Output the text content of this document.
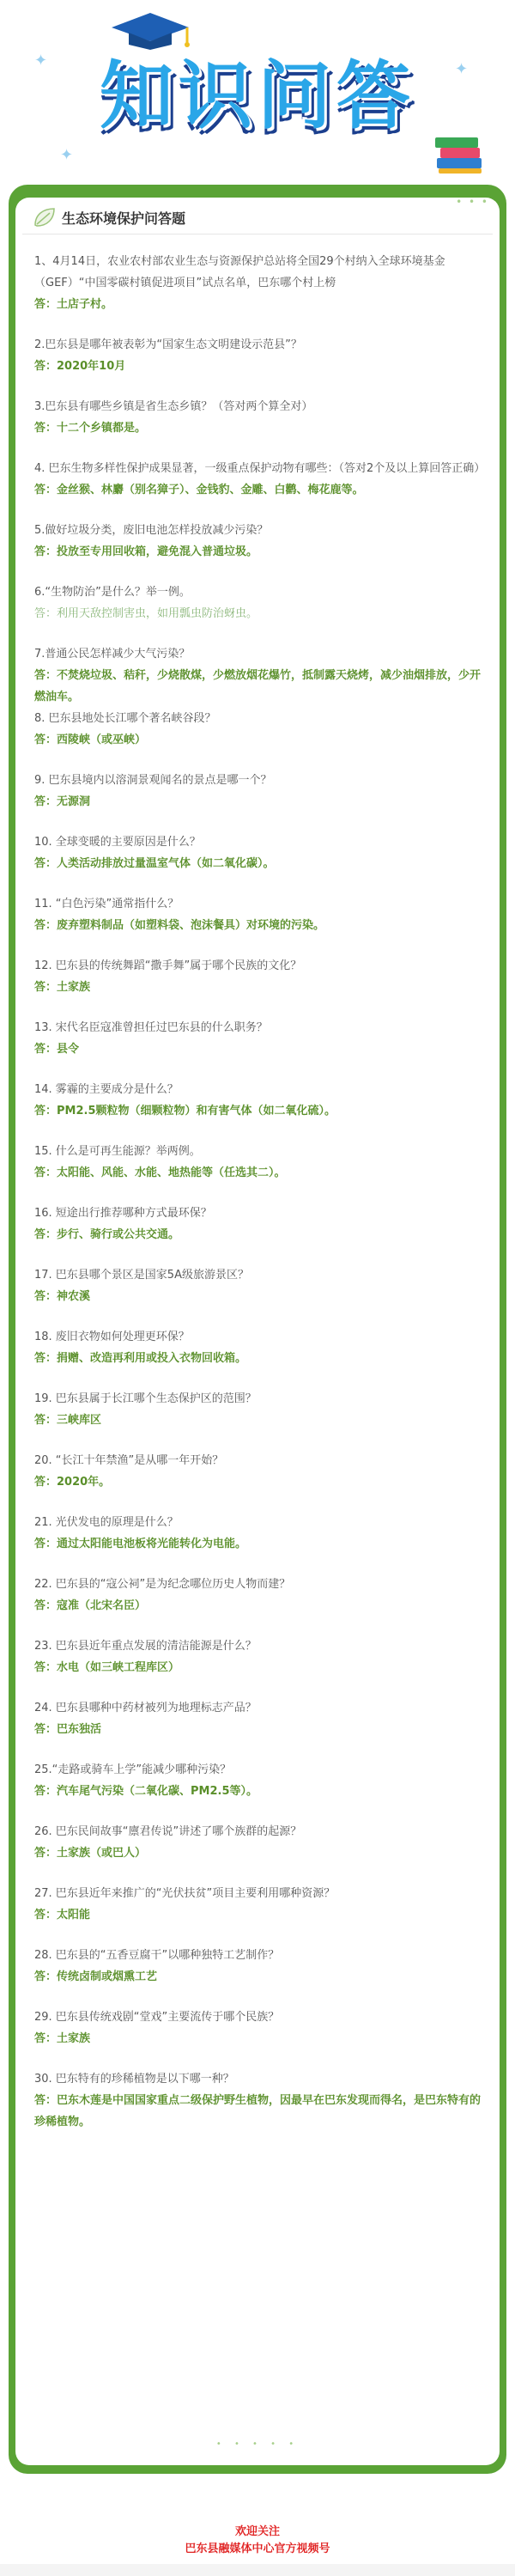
✦	✦
✦
知识问答
生态环境保护问答题
• • •

1、4月14日，农业农村部农业生态与资源保护总站将全国29个村纳入全球环境基金（GEF）“中国零碳村镇促进项目”试点名单，巴东哪个村上榜

答：土店子村。

2.巴东县是哪年被表彰为“国家生态文明建设示范县”？

答：2020年10月

3.巴东县有哪些乡镇是省生态乡镇？（答对两个算全对）

答：十二个乡镇都是。

4. 巴东生物多样性保护成果显著，一级重点保护动物有哪些：（答对2个及以上算回答正确）

答：金丝猴、林麝（别名獐子）、金钱豹、金雕、白鹳、梅花鹿等。

5.做好垃圾分类，废旧电池怎样投放减少污染？

答：投放至专用回收箱，避免混入普通垃圾。

6.“生物防治”是什么？举一例。

答：利用天敌控制害虫，如用瓢虫防治蚜虫。

7.普通公民怎样减少大气污染？

答：不焚烧垃圾、秸秆，少烧散煤，少燃放烟花爆竹，抵制露天烧烤，减少油烟排放，少开燃油车。

8. 巴东县地处长江哪个著名峡谷段？

答：西陵峡（或巫峡）

9. 巴东县境内以溶洞景观闻名的景点是哪一个？

答：无源洞

10. 全球变暖的主要原因是什么？

答：人类活动排放过量温室气体（如二氧化碳）。

11. “白色污染”通常指什么？

答：废弃塑料制品（如塑料袋、泡沫餐具）对环境的污染。

12. 巴东县的传统舞蹈“撒手舞”属于哪个民族的文化？

答：土家族

13. 宋代名臣寇准曾担任过巴东县的什么职务？

答：县令

14. 雾霾的主要成分是什么？

答：PM2.5颗粒物（细颗粒物）和有害气体（如二氧化硫）。

15. 什么是可再生能源？举两例。

答：太阳能、风能、水能、地热能等（任选其二）。

16. 短途出行推荐哪种方式最环保？

答：步行、骑行或公共交通。

17. 巴东县哪个景区是国家5A级旅游景区？

答：神农溪

18. 废旧衣物如何处理更环保？

答：捐赠、改造再利用或投入衣物回收箱。

19. 巴东县属于长江哪个生态保护区的范围？

答：三峡库区

20. “长江十年禁渔”是从哪一年开始？

答：2020年。

21. 光伏发电的原理是什么？

答：通过太阳能电池板将光能转化为电能。

22. 巴东县的“寇公祠”是为纪念哪位历史人物而建？

答：寇准（北宋名臣）

23. 巴东县近年重点发展的清洁能源是什么？

答：水电（如三峡工程库区）

24. 巴东县哪种中药材被列为地理标志产品？

答：巴东独活

25.“走路或骑车上学”能减少哪种污染？

答：汽车尾气污染（二氧化碳、PM2.5等）。

26. 巴东民间故事“廪君传说”讲述了哪个族群的起源？

答：土家族（或巴人）

27. 巴东县近年来推广的“光伏扶贫”项目主要利用哪种资源？

答：太阳能

28. 巴东县的“五香豆腐干”以哪种独特工艺制作？

答：传统卤制或烟熏工艺

29. 巴东县传统戏剧“堂戏”主要流传于哪个民族？

答：土家族

30. 巴东特有的珍稀植物是以下哪一种？

答：巴东木莲是中国国家重点二级保护野生植物，因最早在巴东发现而得名，是巴东特有的珍稀植物。

• • • • •
欢迎关注
巴东县融媒体中心官方视频号
